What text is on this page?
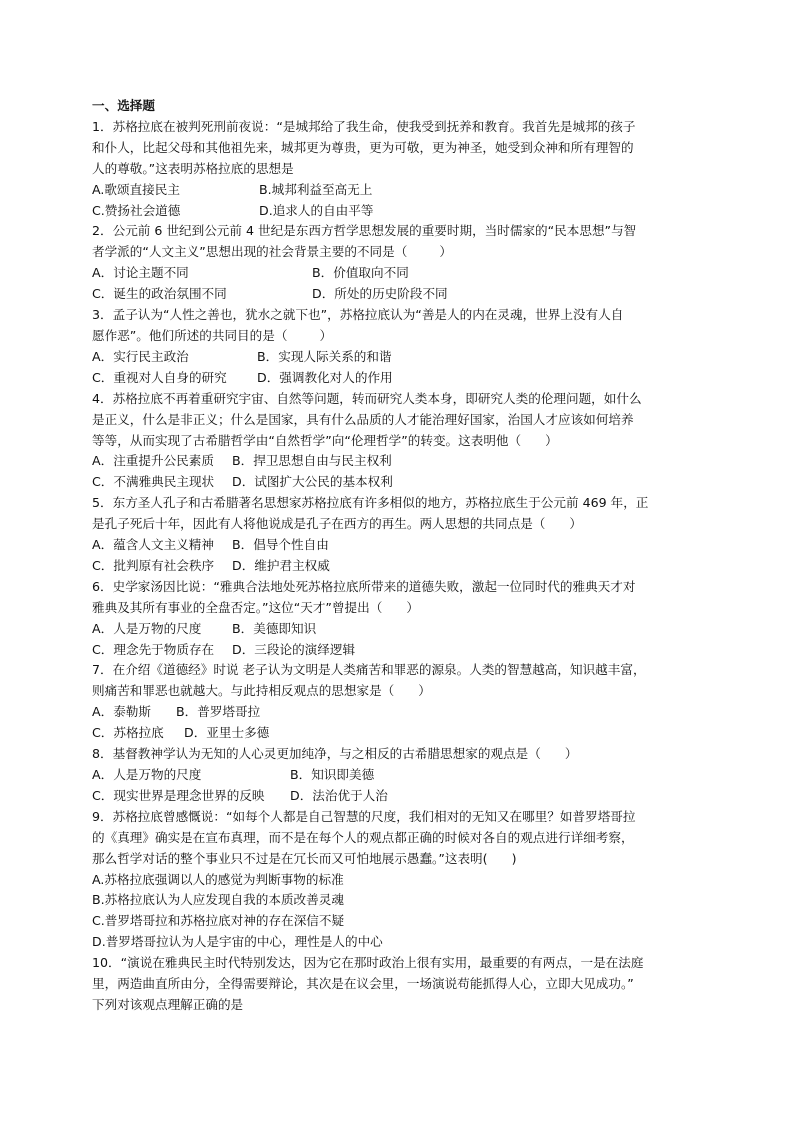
一、选择题
1．苏格拉底在被判死刑前夜说：“是城邦给了我生命，使我受到抚养和教育。我首先是城邦的孩子
和仆人，比起父母和其他祖先来，城邦更为尊贵，更为可敬，更为神圣，她受到众神和所有理智的
人的尊敬。”这表明苏格拉底的思想是
A.歌颂直接民主	B.城邦利益至高无上
C.赞扬社会道德	D.追求人的自由平等
2．公元前 6 世纪到公元前 4 世纪是东西方哲学思想发展的重要时期，当时儒家的“民本思想”与智
者学派的“人文主义”思想出现的社会背景主要的不同是（        ）
A．讨论主题不同	B．价值取向不同
C．诞生的政治氛围不同	D．所处的历史阶段不同
3．孟子认为“人性之善也，犹水之就下也”，苏格拉底认为“善是人的内在灵魂，世界上没有人自
愿作恶”。他们所述的共同目的是（        ）
A．实行民主政治	B．实现人际关系的和谐
C．重视对人自身的研究	D．强调教化对人的作用
4．苏格拉底不再着重研究宇宙、自然等问题，转而研究人类本身，即研究人类的伦理问题，如什么
是正义，什么是非正义；什么是国家，具有什么品质的人才能治理好国家，治国人才应该如何培养
等等，从而实现了古希腊哲学由“自然哲学”向“伦理哲学”的转变。这表明他（      ）
A．注重提升公民素质	B．捍卫思想自由与民主权利
C．不满雅典民主现状	D．试图扩大公民的基本权利
5．东方圣人孔子和古希腊著名思想家苏格拉底有许多相似的地方，苏格拉底生于公元前 469 年，正
是孔子死后十年，因此有人将他说成是孔子在西方的再生。两人思想的共同点是（      ）
A．蕴含人文主义精神	B．倡导个性自由
C．批判原有社会秩序	D．维护君主权威
6．史学家汤因比说：“雅典合法地处死苏格拉底所带来的道德失败，激起一位同时代的雅典天才对
雅典及其所有事业的全盘否定。”这位“天才”曾提出（      ）
A．人是万物的尺度	B．美德即知识
C．理念先于物质存在	D．三段论的演绎逻辑
7．在介绍《道德经》时说 老子认为文明是人类痛苦和罪恶的源泉。人类的智慧越高，知识越丰富，
则痛苦和罪恶也就越大。与此持相反观点的思想家是（      ）
A．泰勒斯	B．普罗塔哥拉
C．苏格拉底	D．亚里士多德
8．基督教神学认为无知的人心灵更加纯净，与之相反的古希腊思想家的观点是（      ）
A．人是万物的尺度	B．知识即美德
C．现实世界是理念世界的反映	D．法治优于人治
9．苏格拉底曾感慨说：“如每个人都是自己智慧的尺度，我们相对的无知又在哪里？如普罗塔哥拉
的《真理》确实是在宣布真理，而不是在每个人的观点都正确的时候对各自的观点进行详细考察，
那么哲学对话的整个事业只不过是在冗长而又可怕地展示愚蠢。”这表明(      )
A.苏格拉底强调以人的感觉为判断事物的标准
B.苏格拉底认为人应发现自我的本质改善灵魂
C.普罗塔哥拉和苏格拉底对神的存在深信不疑
D.普罗塔哥拉认为人是宇宙的中心，理性是人的中心
10．“演说在雅典民主时代特别发达，因为它在那时政治上很有实用，最重要的有两点，一是在法庭
里，两造曲直所由分，全得需要辩论，其次是在议会里，一场演说苟能抓得人心，立即大见成功。”
下列对该观点理解正确的是
